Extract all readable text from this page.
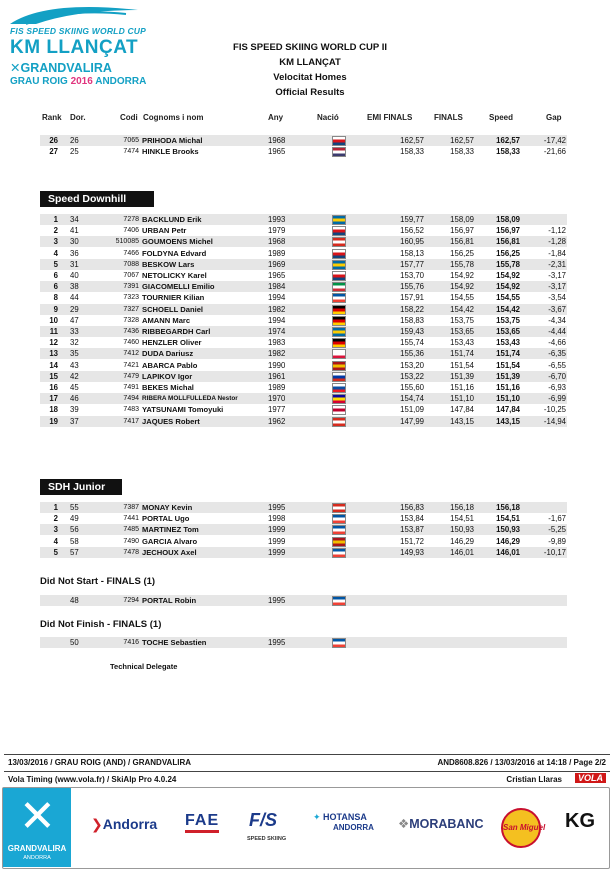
FIS SPEED SKIING WORLD CUP
KM LLANÇAT
✕GRANDVALIRA
GRAU ROIG 2016 ANDORRA
FIS SPEED SKIING WORLD CUP II
KM LLANÇAT
Velocitat Homes
Official Results
Rank Dor.	Codi Cognoms i nom	Any	Nació	EMI FINALS	FINALS	Speed	Gap
26 26	7065 PRIHODA Michal	1968	162,57	162,57	162,57	-17,42
27 25	7474 HINKLE Brooks	1965	158,33	158,33	158,33	-21,66
Speed Downhill
1 34	7278 BACKLUND Erik	1993	159,77	158,09	158,09
2 41	7406 URBAN Petr	1979	156,52	156,97	156,97	-1,12
3 30	510085 GOUMOENS Michel	1968	160,95	156,81	156,81	-1,28
4 36	7466 FOLDYNA Edvard	1989	158,13	156,25	156,25	-1,84
5 31	7088 BESKOW Lars	1969	157,77	155,78	155,78	-2,31
6 40	7067 NETOLICKY Karel	1965	153,70	154,92	154,92	-3,17
6 38	7391 GIACOMELLI Emilio	1984	155,76	154,92	154,92	-3,17
8 44	7323 TOURNIER Kilian	1994	157,91	154,55	154,55	-3,54
9 29	7327 SCHOELL Daniel	1982	158,22	154,42	154,42	-3,67
10 47	7328 AMANN Marc	1994	158,83	153,75	153,75	-4,34
11 33	7436 RIBBEGARDH Carl	1974	159,43	153,65	153,65	-4,44
12 32	7460 HENZLER Oliver	1983	155,74	153,43	153,43	-4,66
13 35	7412 DUDA Dariusz	1982	155,36	151,74	151,74	-6,35
14 43	7421 ABARCA Pablo	1990	153,20	151,54	151,54	-6,55
15 42	7479 LAPIKOV Igor	1961	153,22	151,39	151,39	-6,70
16 45	7491 BEKES Michal	1989	155,60	151,16	151,16	-6,93
17 46	7494 RIBERA MOLLFULLEDA Nestor	1970	154,74	151,10	151,10	-6,99
18 39	7483 YATSUNAMI Tomoyuki	1977	151,09	147,84	147,84	-10,25
19 37	7417 JAQUES Robert	1962	147,99	143,15	143,15	-14,94
SDH Junior
1 55	7387 MONAY Kevin	1995	156,83	156,18	156,18
2 49	7441 PORTAL Ugo	1998	153,84	154,51	154,51	-1,67
3 56	7485 MARTINEZ Tom	1999	153,87	150,93	150,93	-5,25
4 58	7490 GARCIA Alvaro	1999	151,72	146,29	146,29	-9,89
5 57	7478 JECHOUX Axel	1999	149,93	146,01	146,01	-10,17
Did Not Start - FINALS (1)
48	7294 PORTAL Robin	1995
Did Not Finish - FINALS (1)
50	7416 TOCHE Sebastien	1995
Technical Delegate
13/03/2016 / GRAU ROIG (AND) / GRANDVALIRA	AND8608.826 / 13/03/2016 at 14:18 / Page 2/2
Vola Timing (www.vola.fr) / SkiAlp Pro 4.0.24	Cristian Llaras	VOLA
✕
GRANDVALIRA
ANDORRA
❯Andorra FAE F/S
SPEED SKIING
✦ HOTANSA
ANDORRA ❖MORABANC San Miguel KG
